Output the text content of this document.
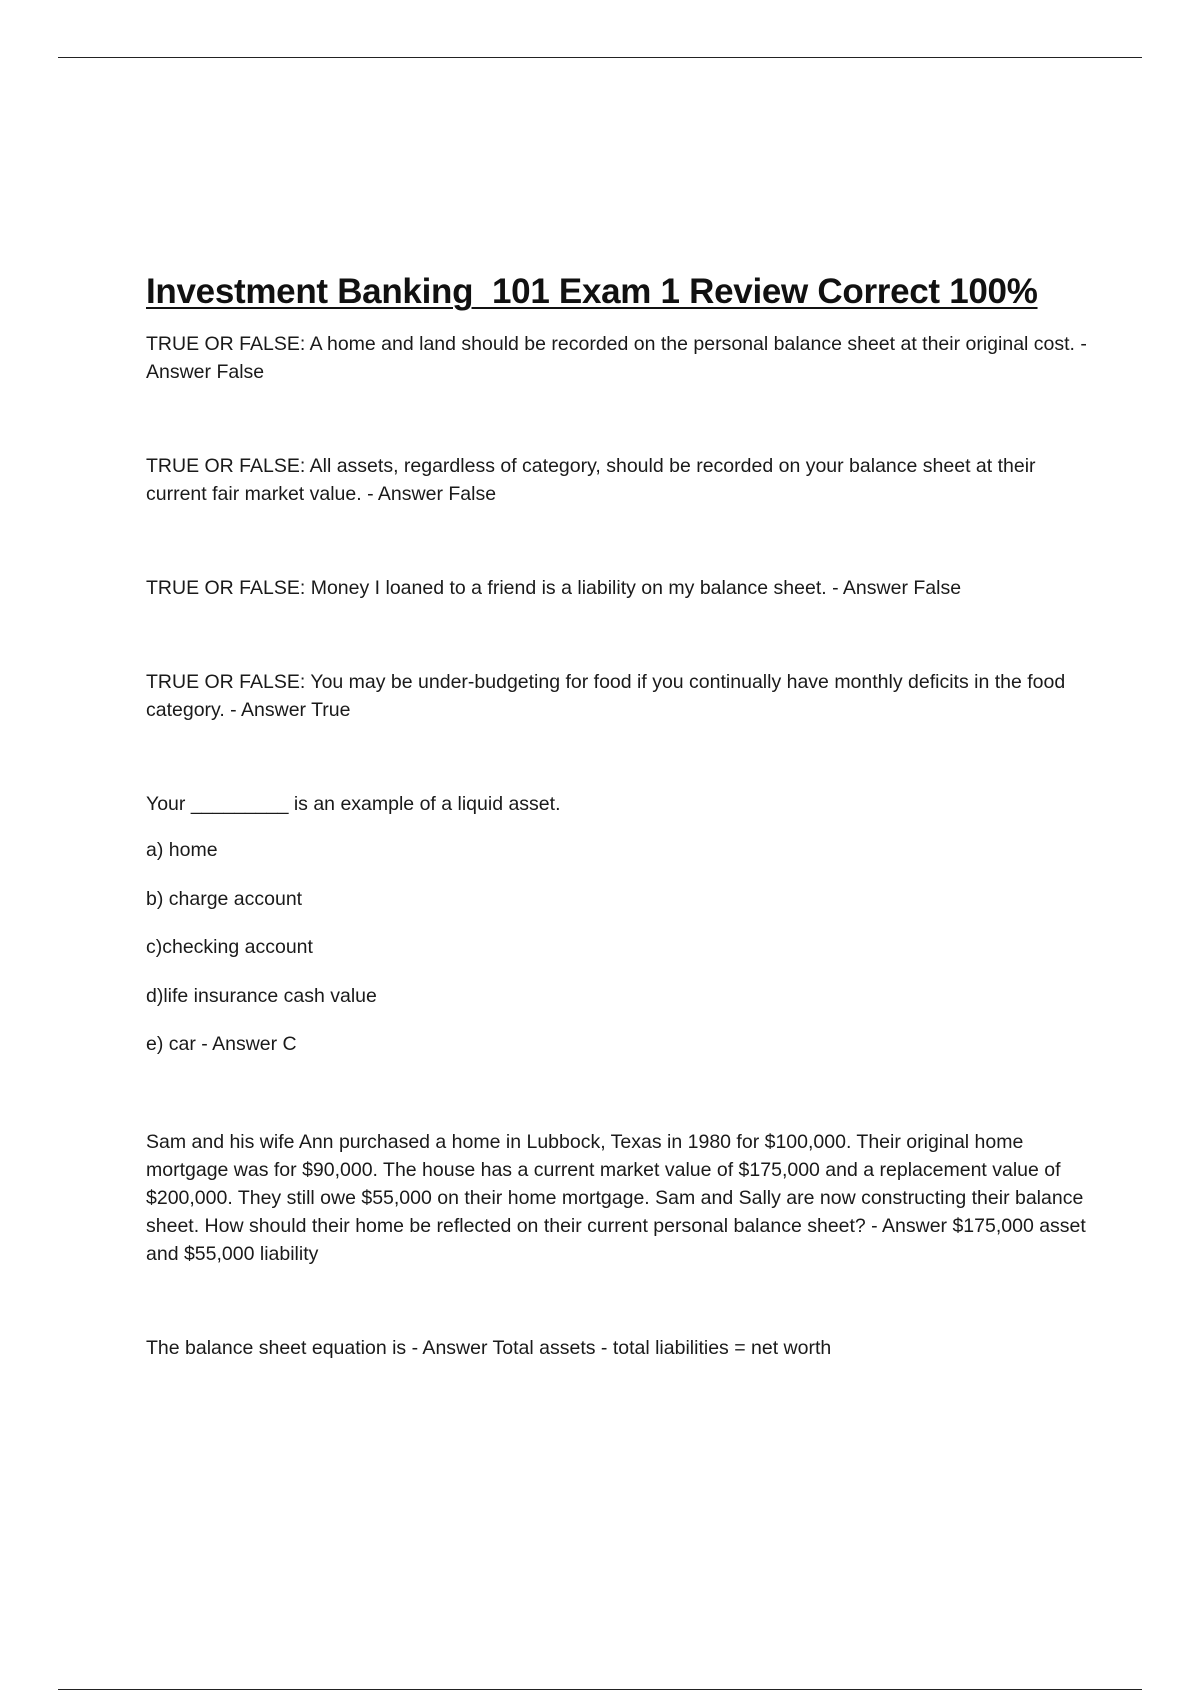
Investment Banking  101 Exam 1 Review Correct 100%

TRUE OR FALSE: A home and land should be recorded on the personal balance sheet at their original cost. - Answer False

TRUE OR FALSE: All assets, regardless of category, should be recorded on your balance sheet at their current fair market value. - Answer False

TRUE OR FALSE: Money I loaned to a friend is a liability on my balance sheet. - Answer False

TRUE OR FALSE: You may be under-budgeting for food if you continually have monthly deficits in the food category. - Answer True

Your _________ is an example of a liquid asset.

a) home

b) charge account

c)checking account

d)life insurance cash value

e) car - Answer C

Sam and his wife Ann purchased a home in Lubbock, Texas in 1980 for $100,000. Their original home mortgage was for $90,000. The house has a current market value of $175,000 and a replacement value of $200,000. They still owe $55,000 on their home mortgage. Sam and Sally are now constructing their balance sheet. How should their home be reflected on their current personal balance sheet? - Answer $175,000 asset and $55,000 liability

The balance sheet equation is - Answer Total assets - total liabilities = net worth
